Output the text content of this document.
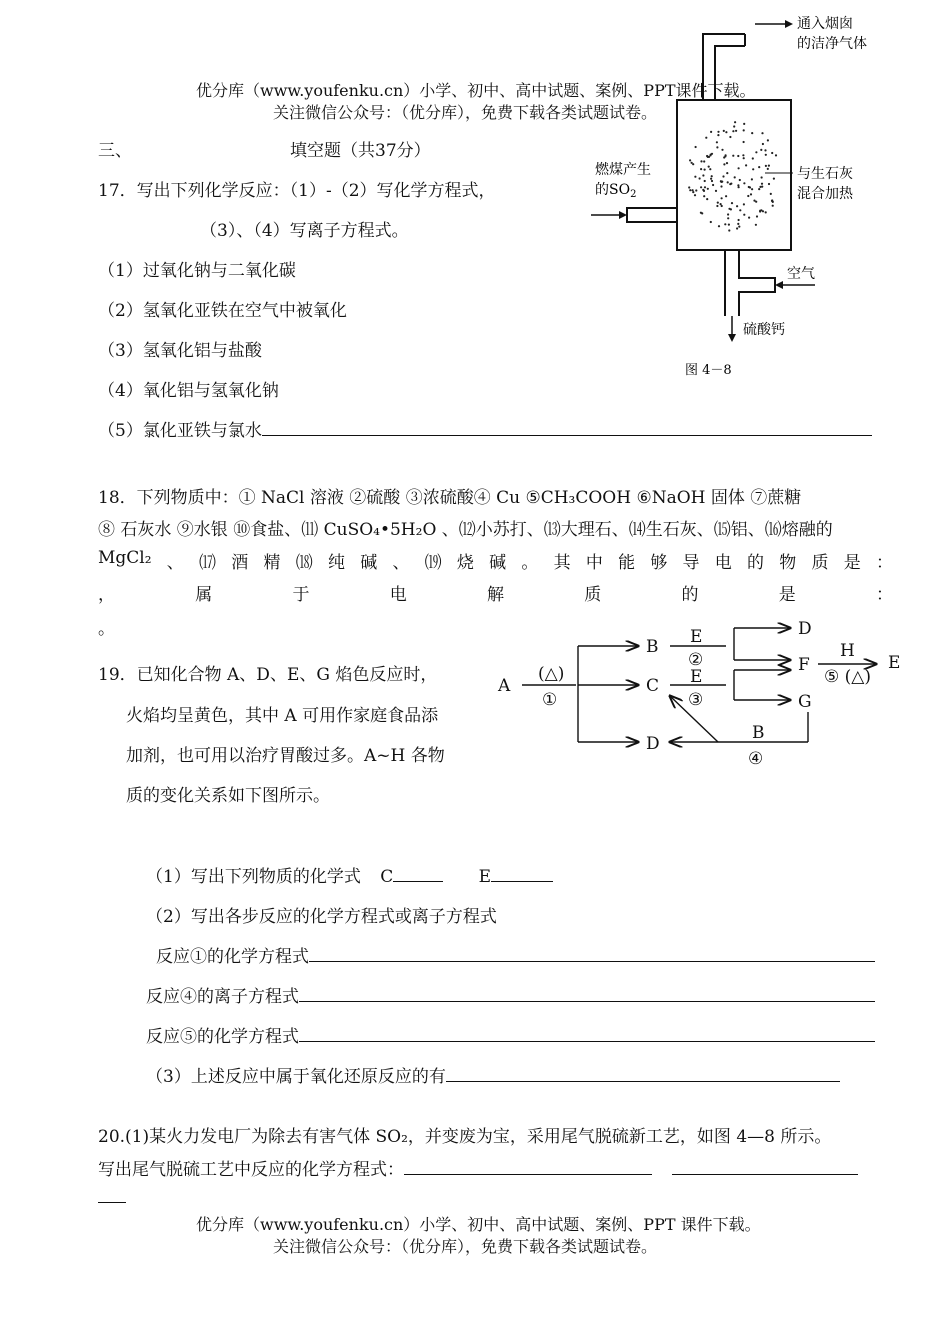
优分库（www.youfenku.cn）小学、初中、高中试题、案例、PPT课件下载。
关注微信公众号：（优分库），免费下载各类试题试卷。
三、	填空题（共37分）
17．写出下列化学反应：（1）-（2）写化学方程式，
（3）、（4）写离子方程式。
（1）过氧化钠与二氧化碳
（2）氢氧化亚铁在空气中被氧化
（3）氢氧化铝与盐酸
（4）氧化铝与氢氧化钠
（5）氯化亚铁与氯水
通入烟囱
的洁净气体
燃煤产生
的$SO_2$
与生石灰
混合加热
空气
硫酸钙
图 4－8
18．下列物质中：① NaCl 溶液 ②硫酸 ③浓硫酸④ Cu ⑤CH₃COOH ⑥NaOH 固体 ⑦蔗糖
⑧ 石灰水 ⑨水银 ⑩食盐、⑾ CuSO₄•5H₂O 、⑿小苏打、⒀大理石、⒁生石灰、⒂铝、⒃熔融的
MgCl₂ 、 ⒄ 酒 精 ⒅ 纯 碱 、 ⒆ 烧 碱 。 其 中 能 够 导 电 的 物 质 是 ：
，	属	于	电	解	质	的	是	：
。
19．已知化合物 A、D、E、G 焰色反应时，
火焰均呈黄色，其中 A 可用作家庭食品添
加剂，也可用以治疗胃酸过多。A~H 各物
质的变化关系如下图所示。
A
B
C
D
D
F
G
E
E
②
E
③
(△)
①
H
⑤ (△)
B
④
（1）写出下列物质的化学式 C	E
（2）写出各步反应的化学方程式或离子方程式
反应①的化学方程式
反应④的离子方程式
反应⑤的化学方程式
（3）上述反应中属于氧化还原反应的有
20.(1)某火力发电厂为除去有害气体 SO₂，并变废为宝，采用尾气脱硫新工艺，如图 4—8 所示。
写出尾气脱硫工艺中反应的化学方程式：
优分库（www.youfenku.cn）小学、初中、高中试题、案例、PPT 课件下载。
关注微信公众号：（优分库），免费下载各类试题试卷。
